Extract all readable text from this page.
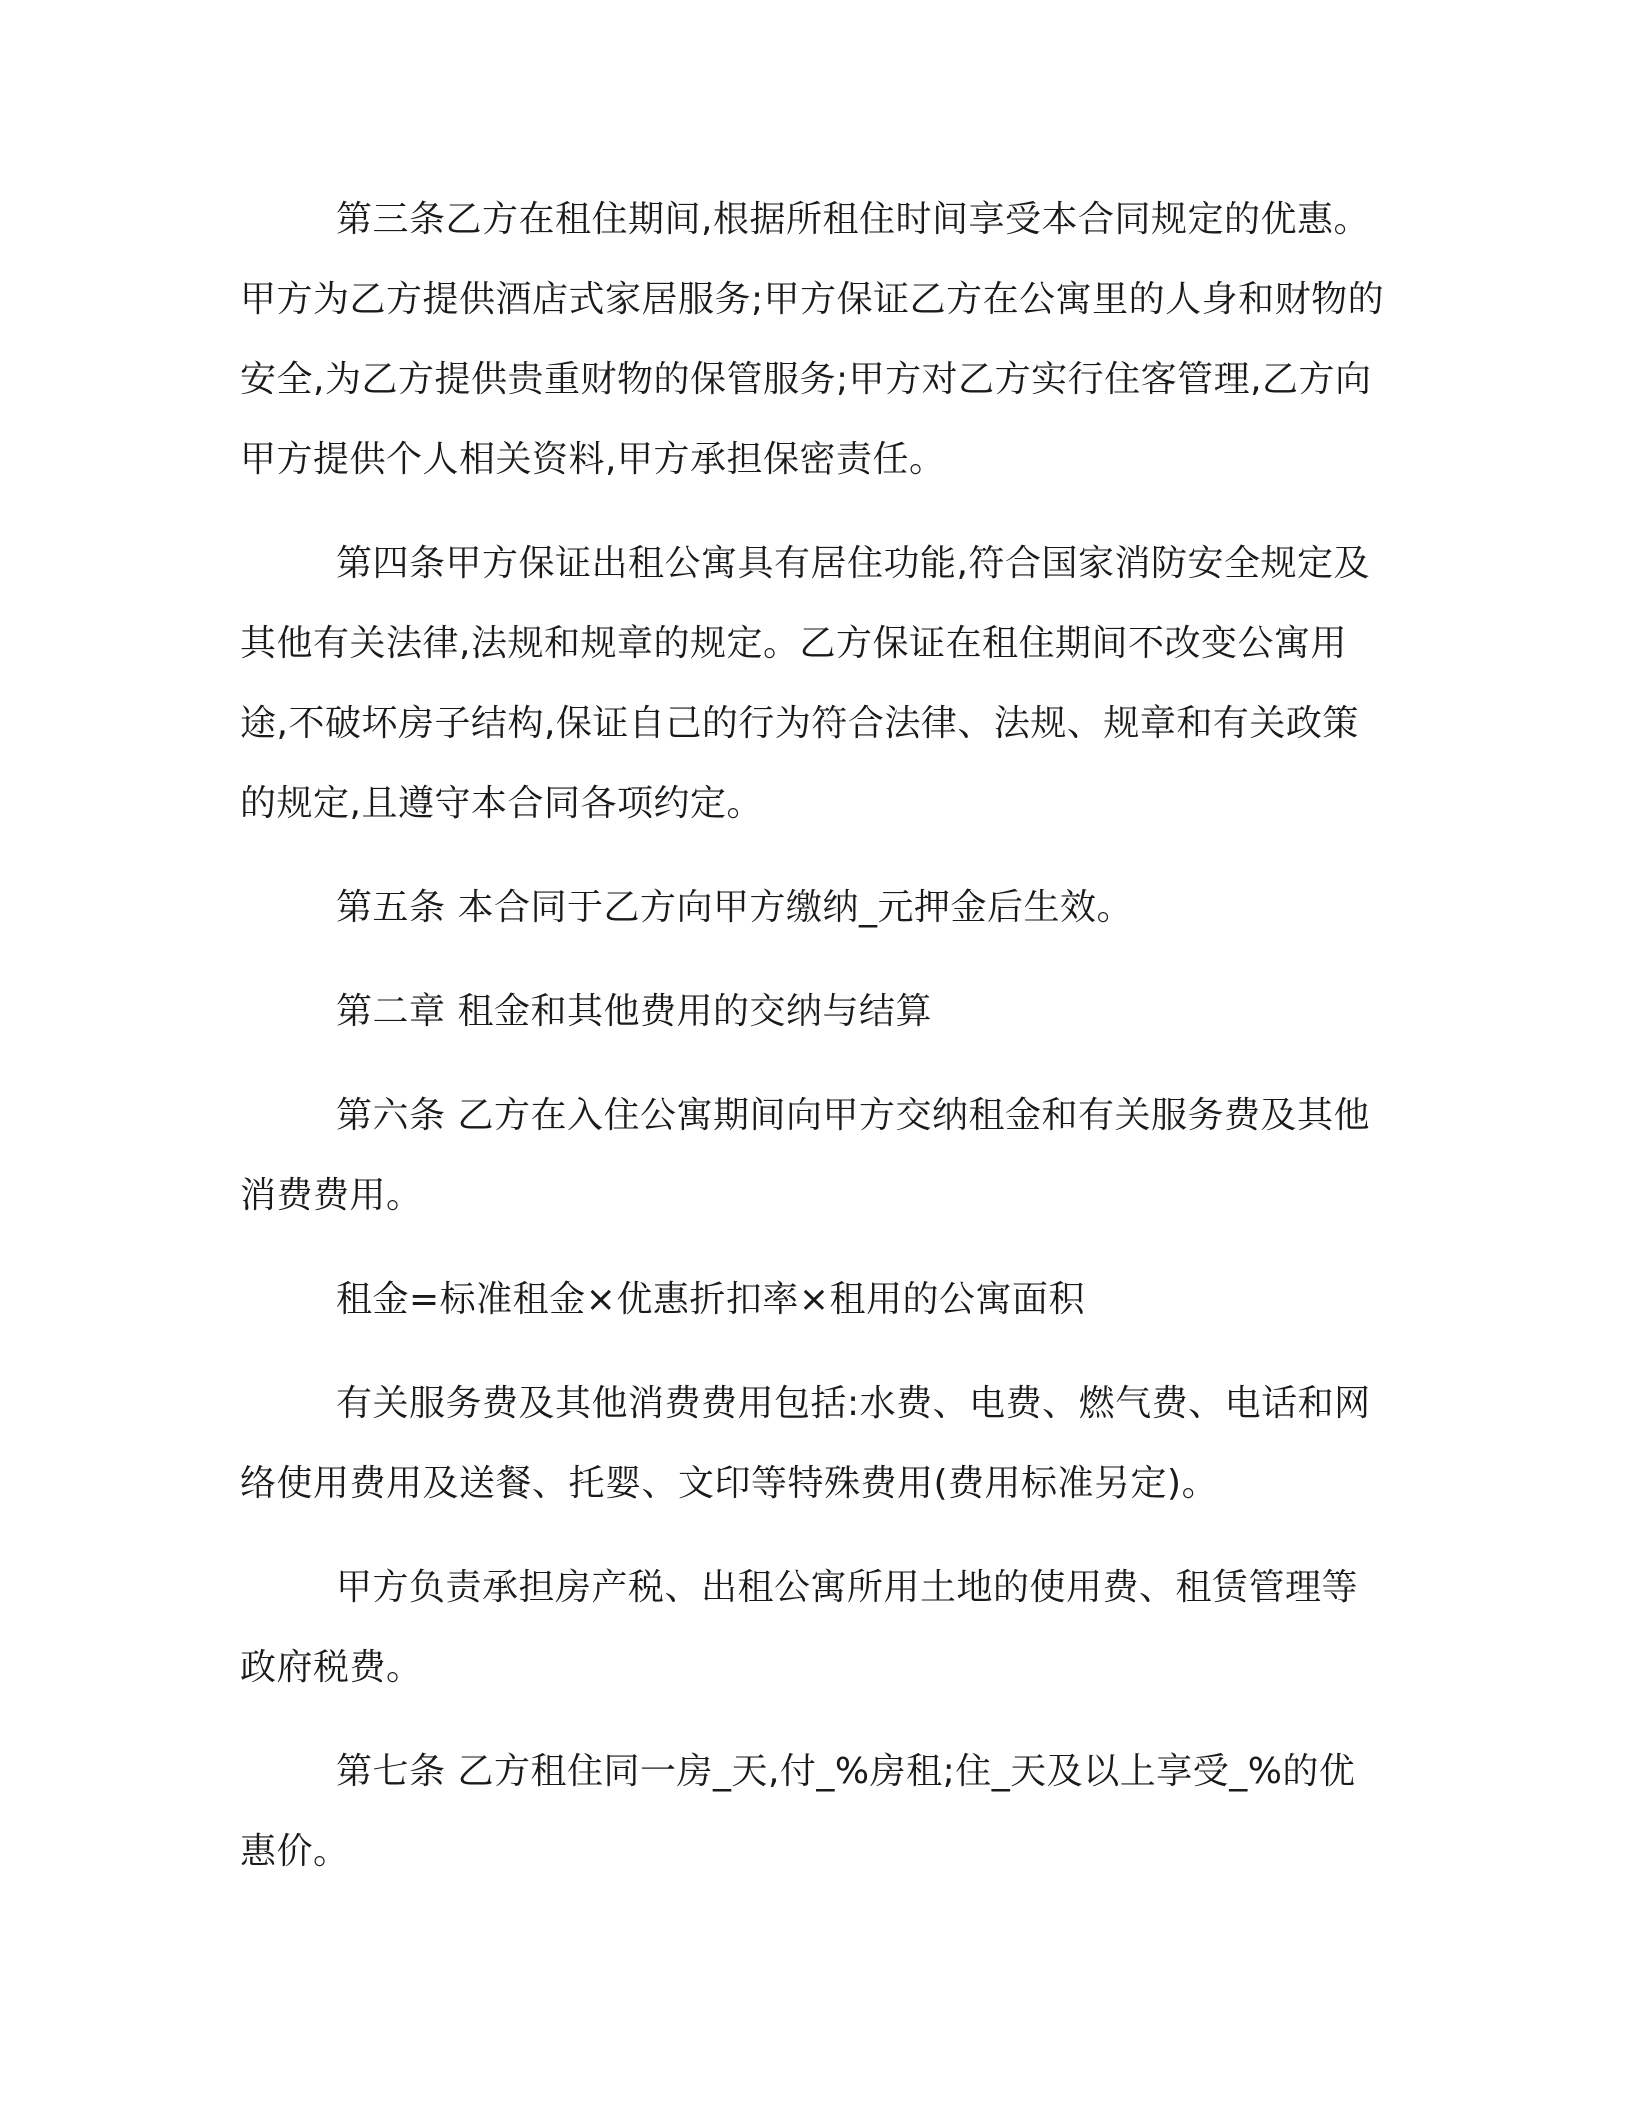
第三条乙方在租住期间,根据所租住时间享受本合同规定的优惠。甲方为乙方提供酒店式家居服务;甲方保证乙方在公寓里的人身和财物的安全,为乙方提供贵重财物的保管服务;甲方对乙方实行住客管理,乙方向甲方提供个人相关资料,甲方承担保密责任。

第四条甲方保证出租公寓具有居住功能,符合国家消防安全规定及其他有关法律,法规和规章的规定。乙方保证在租住期间不改变公寓用途,不破坏房子结构,保证自己的行为符合法律、法规、规章和有关政策的规定,且遵守本合同各项约定。

第五条 本合同于乙方向甲方缴纳_元押金后生效。

第二章 租金和其他费用的交纳与结算

第六条 乙方在入住公寓期间向甲方交纳租金和有关服务费及其他消费费用。

租金=标准租金×优惠折扣率×租用的公寓面积

有关服务费及其他消费费用包括:水费、电费、燃气费、电话和网络使用费用及送餐、托婴、文印等特殊费用(费用标准另定)。

甲方负责承担房产税、出租公寓所用土地的使用费、租赁管理等政府税费。

第七条 乙方租住同一房_天,付_%房租;住_天及以上享受_%的优惠价。
